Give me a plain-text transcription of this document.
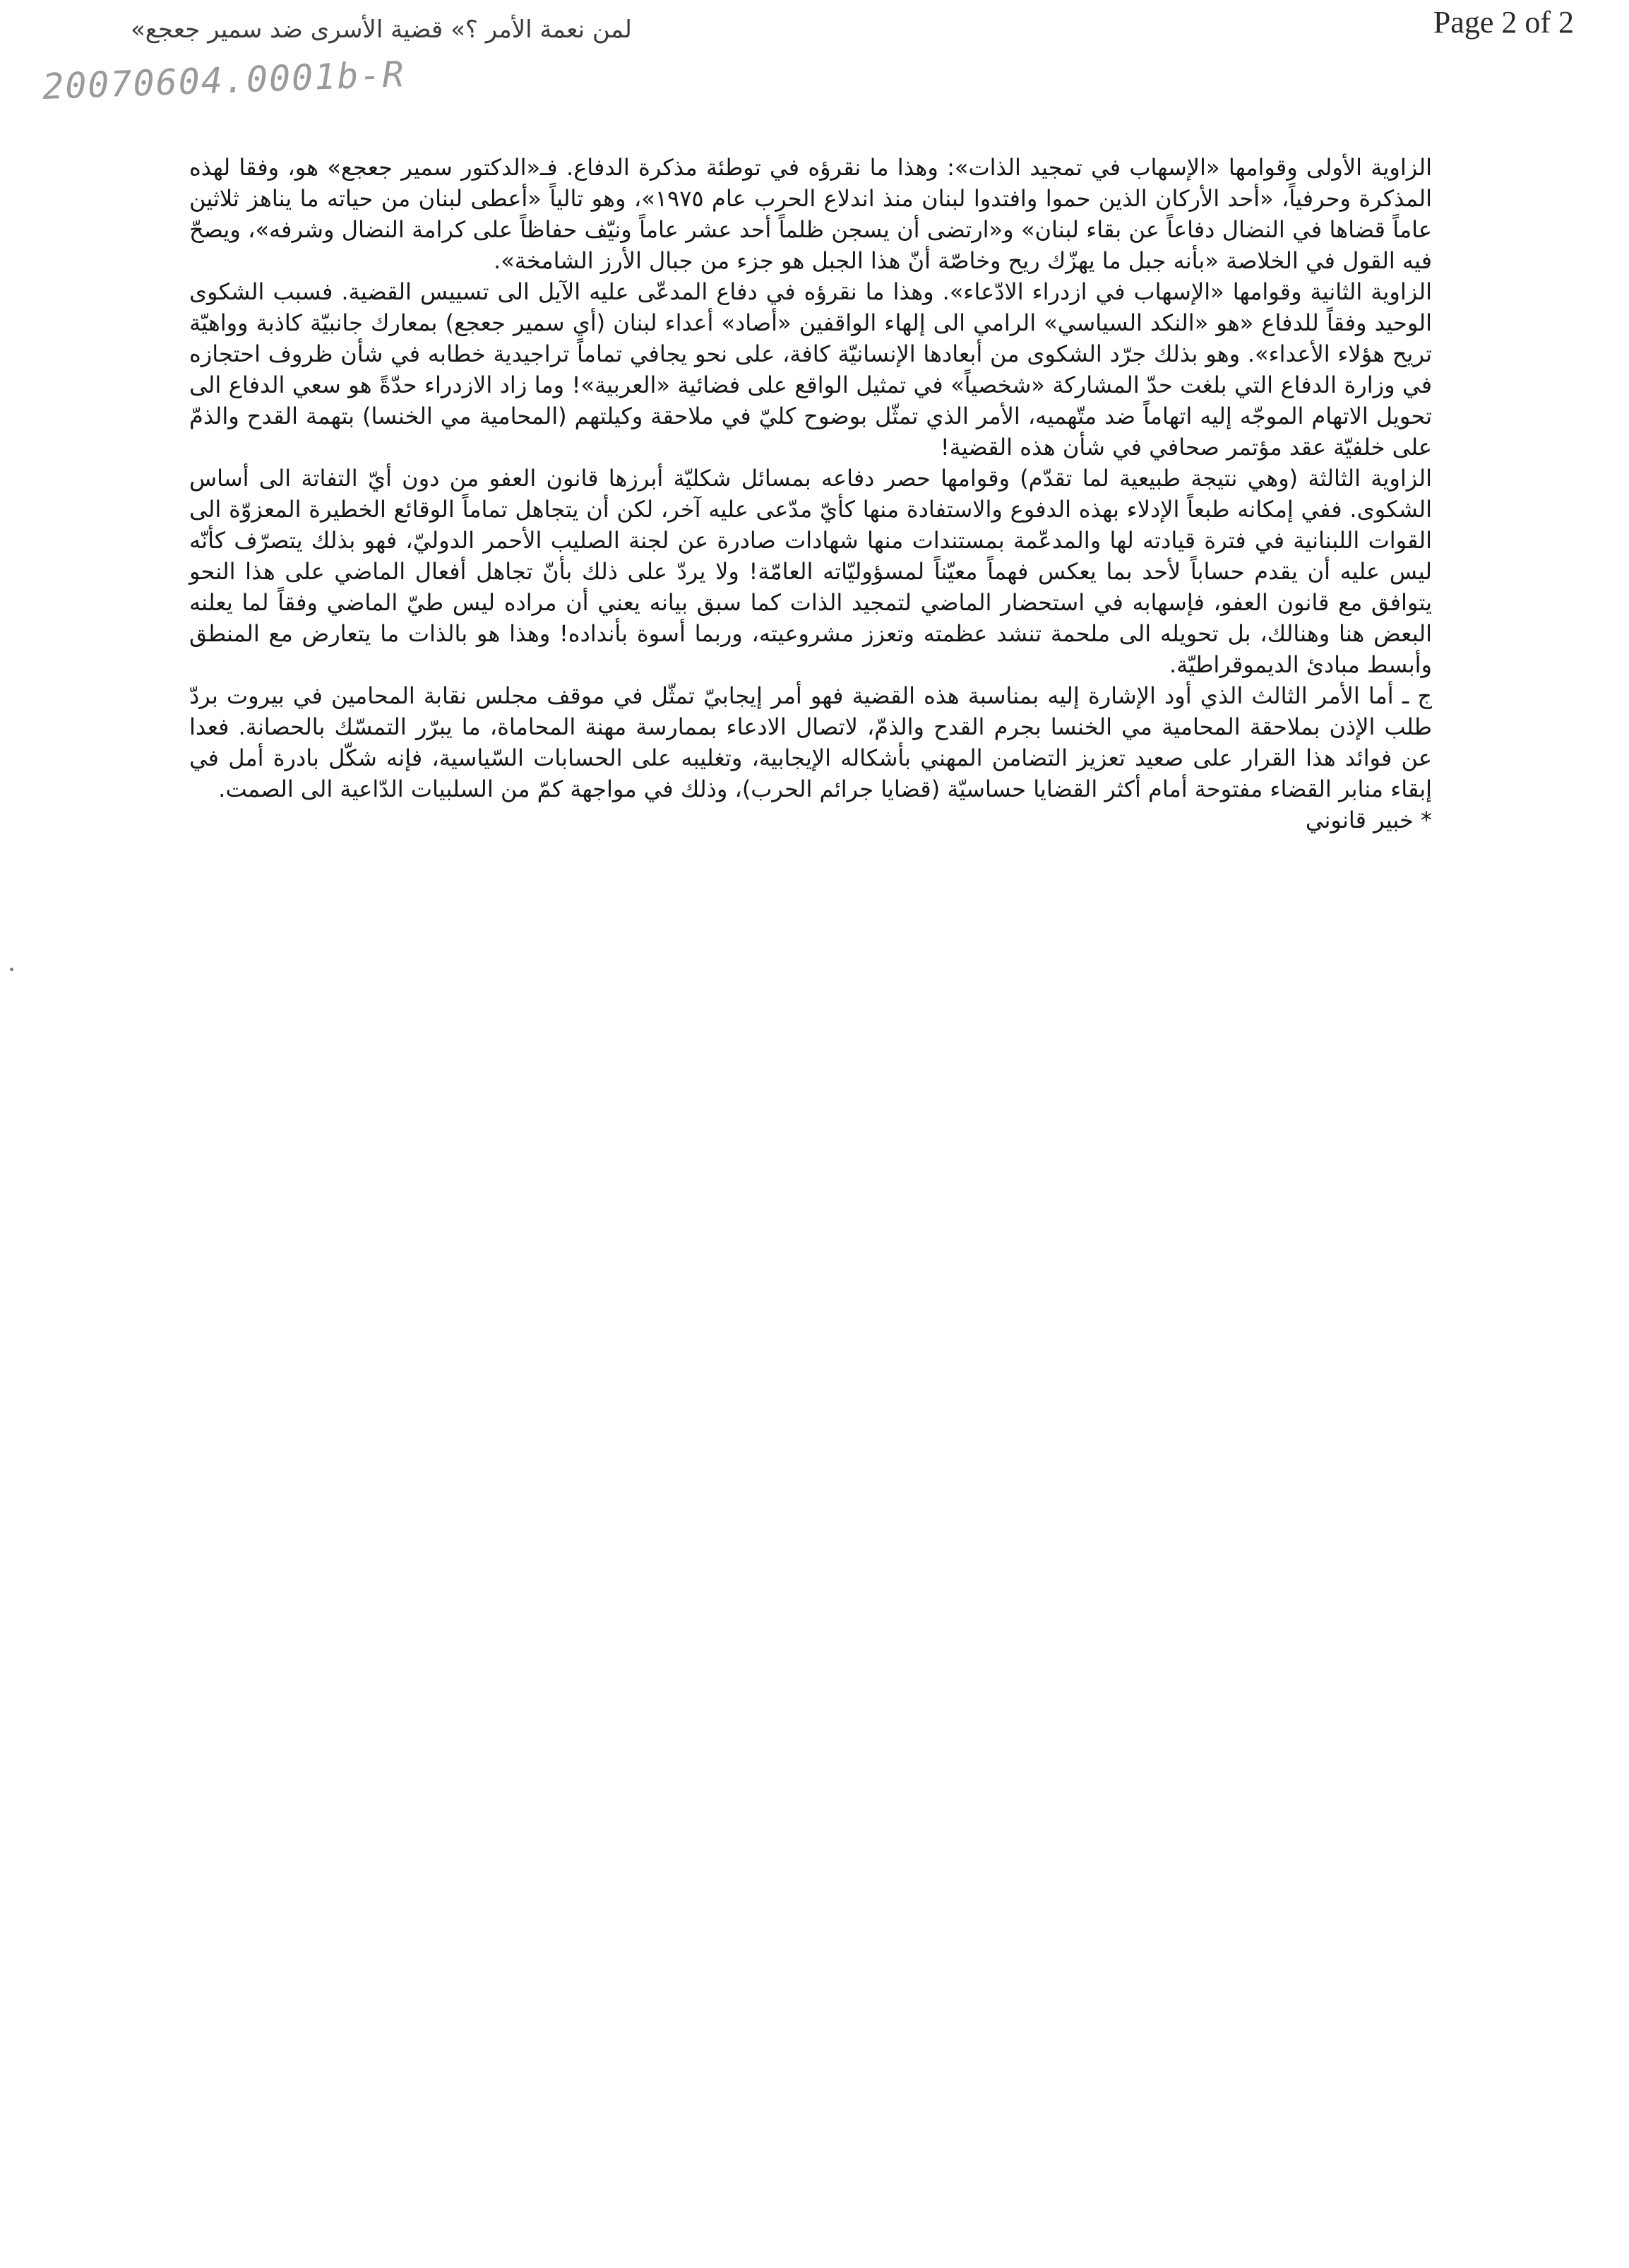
Page 2 of 2
لمن نعمة الأمر ؟» قضية الأسرى ضد سمير جعجع»
20070604.0001b-R

الزاوية الأولى وقوامها «الإسهاب في تمجيد الذات»: وهذا ما نقرؤه في توطئة مذكرة الدفاع. فـ«الدكتور سمير جعجع» هو، وفقا لهذه المذكرة وحرفياً، «أحد الأركان الذين حموا وافتدوا لبنان منذ اندلاع الحرب عام ١٩٧٥»، وهو تالياً «أعطى لبنان من حياته ما يناهز ثلاثين عاماً قضاها في النضال دفاعاً عن بقاء لبنان» و«ارتضى أن يسجن ظلماً أحد عشر عاماً ونيّف حفاظاً على كرامة النضال وشرفه»، ويصحّ فيه القول في الخلاصة «بأنه جبل ما يهزّك ريح وخاصّة أنّ هذا الجبل هو جزء من جبال الأرز الشامخة».

الزاوية الثانية وقوامها «الإسهاب في ازدراء الادّعاء». وهذا ما نقرؤه في دفاع المدعّى عليه الآيل الى تسييس القضية. فسبب الشكوى الوحيد وفقاً للدفاع «هو «النكد السياسي» الرامي الى إلهاء الواقفين «أصاد» أعداء لبنان (أي سمير جعجع) بمعارك جانبيّة كاذبة وواهيّة تريح هؤلاء الأعداء». وهو بذلك جرّد الشكوى من أبعادها الإنسانيّة كافة، على نحو يجافي تماماً تراجيدية خطابه في شأن ظروف احتجازه في وزارة الدفاع التي بلغت حدّ المشاركة «شخصياً» في تمثيل الواقع على فضائية «العربية»! وما زاد الازدراء حدّةً هو سعي الدفاع الى تحويل الاتهام الموجّه إليه اتهاماً ضد متّهميه، الأمر الذي تمثّل بوضوح كليّ في ملاحقة وكيلتهم (المحامية مي الخنسا) بتهمة القدح والذمّ على خلفيّة عقد مؤتمر صحافي في شأن هذه القضية!

الزاوية الثالثة (وهي نتيجة طبيعية لما تقدّم) وقوامها حصر دفاعه بمسائل شكليّة أبرزها قانون العفو من دون أيّ التفاتة الى أساس الشكوى. ففي إمكانه طبعاً الإدلاء بهذه الدفوع والاستفادة منها كأيّ مدّعى عليه آخر، لكن أن يتجاهل تماماً الوقائع الخطيرة المعزوّة الى القوات اللبنانية في فترة قيادته لها والمدعّمة بمستندات منها شهادات صادرة عن لجنة الصليب الأحمر الدوليّ، فهو بذلك يتصرّف كأنّه ليس عليه أن يقدم حساباً لأحد بما يعكس فهماً معيّناً لمسؤوليّاته العامّة! ولا يردّ على ذلك بأنّ تجاهل أفعال الماضي على هذا النحو يتوافق مع قانون العفو، فإسهابه في استحضار الماضي لتمجيد الذات كما سبق بيانه يعني أن مراده ليس طيّ الماضي وفقاً لما يعلنه البعض هنا وهنالك، بل تحويله الى ملحمة تنشد عظمته وتعزز مشروعيته، وربما أسوة بأنداده! وهذا هو بالذات ما يتعارض مع المنطق وأبسط مبادئ الديموقراطيّة.

ج ـ أما الأمر الثالث الذي أود الإشارة إليه بمناسبة هذه القضية فهو أمر إيجابيّ تمثّل في موقف مجلس نقابة المحامين في بيروت بردّ طلب الإذن بملاحقة المحامية مي الخنسا بجرم القدح والذمّ، لاتصال الادعاء بممارسة مهنة المحاماة، ما يبرّر التمسّك بالحصانة. فعدا عن فوائد هذا القرار على صعيد تعزيز التضامن المهني بأشكاله الإيجابية، وتغليبه على الحسابات السّياسية، فإنه شكّل بادرة أمل في إبقاء منابر القضاء مفتوحة أمام أكثر القضايا حساسيّة (قضايا جرائم الحرب)، وذلك في مواجهة كمّ من السلبيات الدّاعية الى الصمت.

* خبير قانوني
